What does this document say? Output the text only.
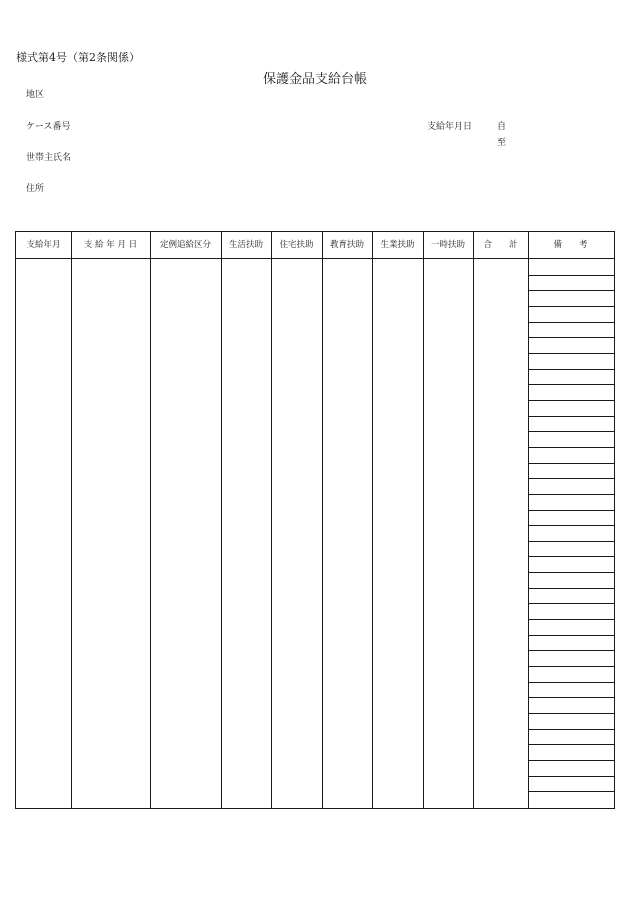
様式第4号（第2条関係）
保護金品支給台帳
地区
ケース番号
世帯主氏名
住所
支給年月日	自
至
支給年月	支 給 年 月 日	定例追給区分	生活扶助	住宅扶助	教育扶助	生業扶助	一時扶助	合　　計	備　　考
